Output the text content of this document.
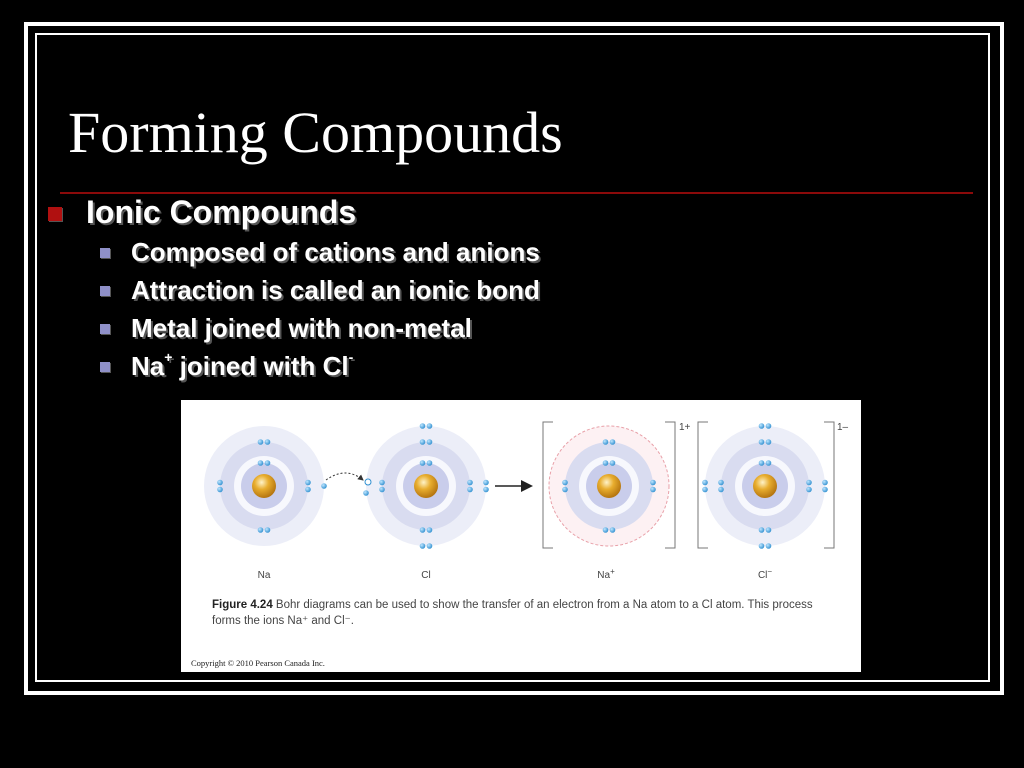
Forming Compounds
Ionic Compounds
Composed of cations and anions
Attraction is called an ionic bond
Metal joined with non-metal
Na+ joined with Cl-
1+	1–
Na	Cl	Na+	Cl−
Figure 4.24 Bohr diagrams can be used to show the transfer of an electron from a Na atom to a Cl atom. This process forms the ions Na⁺ and Cl⁻.
Copyright © 2010 Pearson Canada Inc.
